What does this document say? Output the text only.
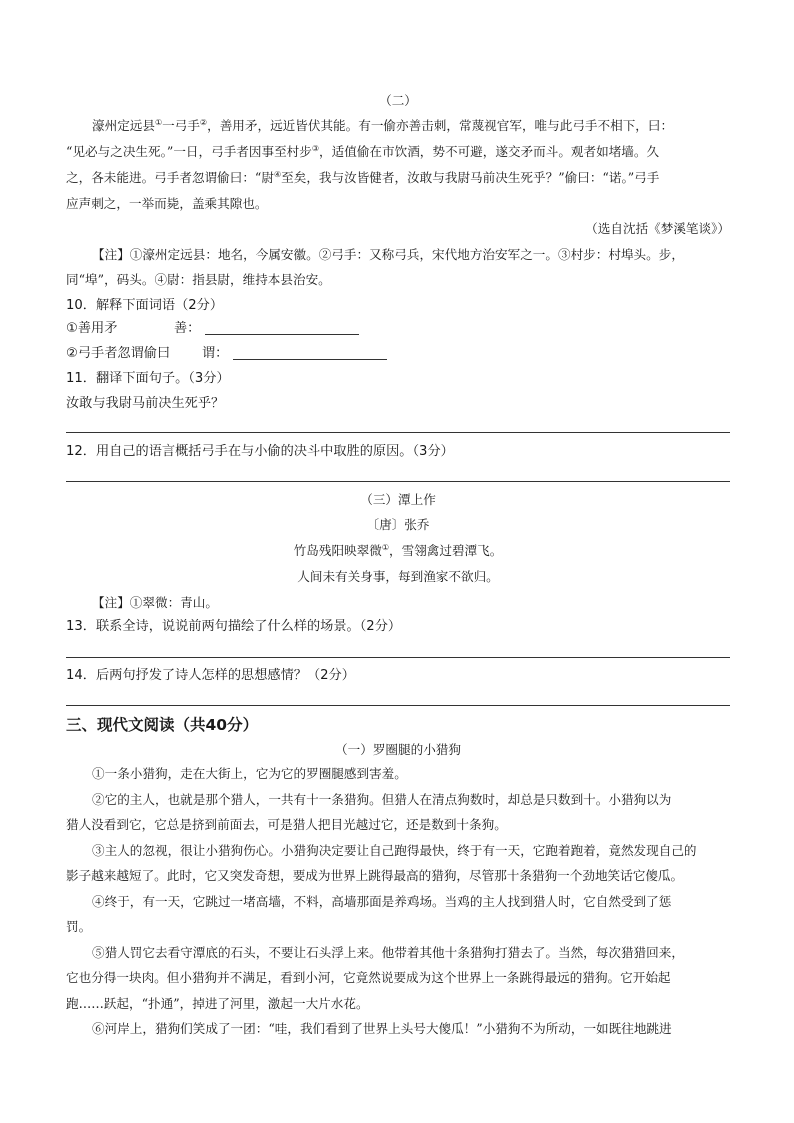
（二）
濠州定远县①一弓手②，善用矛，远近皆伏其能。有一偷亦善击刺，常蔑视官军，唯与此弓手不相下，曰：
“见必与之决生死。”一日，弓手者因事至村步③，适值偷在市饮酒，势不可避，遂交矛而斗。观者如堵墙。久
之，各未能进。弓手者忽谓偷曰：“尉④至矣，我与汝皆健者，汝敢与我尉马前决生死乎？”偷曰：“诺。”弓手
应声刺之，一举而毙，盖乘其隙也。
（选自沈括《梦溪笔谈》）
【注】①濠州定远县：地名，今属安徽。②弓手：又称弓兵，宋代地方治安军之一。③村步：村埠头。步，
同“埠”，码头。④尉：指县尉，维持本县治安。
10．解释下面词语（2分）
①善用矛	善：
②弓手者忽谓偷曰 谓：
11．翻译下面句子。（3分）
汝敢与我尉马前决生死乎？
12．用自己的语言概括弓手在与小偷的决斗中取胜的原因。（3分）
（三）潭上作
〔唐〕张乔
竹岛残阳映翠微①，雪翎禽过碧潭飞。
人间未有关身事，每到渔家不欲归。
【注】①翠微：青山。
13．联系全诗，说说前两句描绘了什么样的场景。（2分）
14．后两句抒发了诗人怎样的思想感情？（2分）
三、现代文阅读（共40分）
（一）罗圈腿的小猎狗
①一条小猎狗，走在大街上，它为它的罗圈腿感到害羞。
②它的主人，也就是那个猎人，一共有十一条猎狗。但猎人在清点狗数时，却总是只数到十。小猎狗以为
猎人没看到它，它总是挤到前面去，可是猎人把目光越过它，还是数到十条狗。
③主人的忽视，很让小猎狗伤心。小猎狗决定要让自己跑得最快，终于有一天，它跑着跑着，竟然发现自己的
影子越来越短了。此时，它又突发奇想，要成为世界上跳得最高的猎狗，尽管那十条猎狗一个劲地笑话它傻瓜。
④终于，有一天，它跳过一堵高墙，不料，高墙那面是养鸡场。当鸡的主人找到猎人时，它自然受到了惩
罚。
⑤猎人罚它去看守潭底的石头，不要让石头浮上来。他带着其他十条猎狗打猎去了。当然，每次猎猎回来，
它也分得一块肉。但小猎狗并不满足，看到小河，它竟然说要成为这个世界上一条跳得最远的猎狗。它开始起
跑……跃起，“扑通”，掉进了河里，激起一大片水花。
⑥河岸上，猎狗们笑成了一团：“哇，我们看到了世界上头号大傻瓜！”小猎狗不为所动，一如既往地跳进
